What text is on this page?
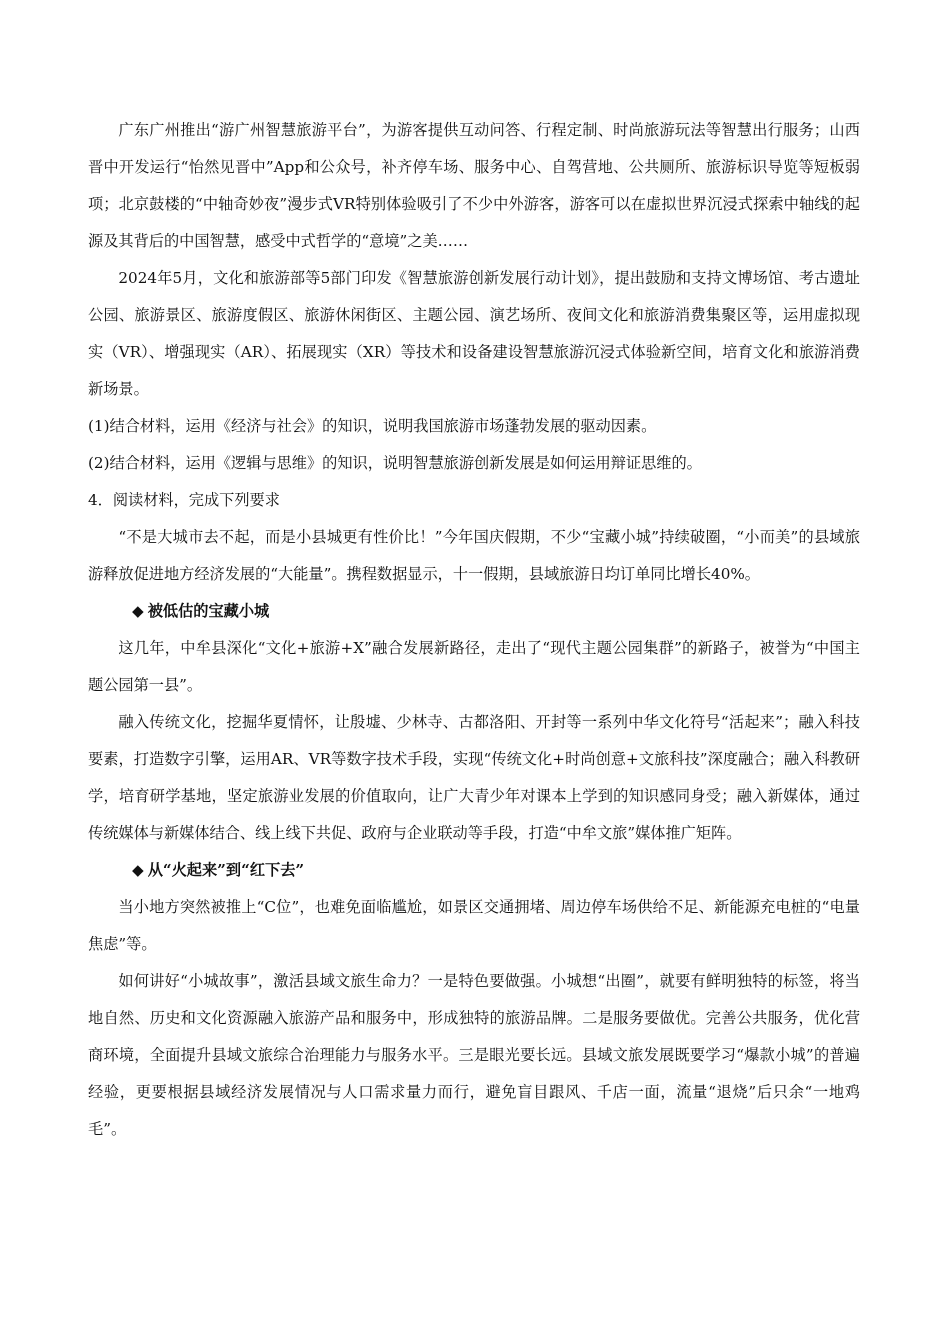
广东广州推出“游广州智慧旅游平台”，为游客提供互动问答、行程定制、时尚旅游玩法等智慧出行服务；山西晋中开发运行“怡然见晋中”App和公众号，补齐停车场、服务中心、自驾营地、公共厕所、旅游标识导览等短板弱项；北京鼓楼的“中轴奇妙夜”漫步式VR特别体验吸引了不少中外游客，游客可以在虚拟世界沉浸式探索中轴线的起源及其背后的中国智慧，感受中式哲学的“意境”之美……

2024年5月，文化和旅游部等5部门印发《智慧旅游创新发展行动计划》，提出鼓励和支持文博场馆、考古遗址公园、旅游景区、旅游度假区、旅游休闲街区、主题公园、演艺场所、夜间文化和旅游消费集聚区等，运用虚拟现实（VR）、增强现实（AR）、拓展现实（XR）等技术和设备建设智慧旅游沉浸式体验新空间，培育文化和旅游消费新场景。

(1)结合材料，运用《经济与社会》的知识，说明我国旅游市场蓬勃发展的驱动因素。

(2)结合材料，运用《逻辑与思维》的知识，说明智慧旅游创新发展是如何运用辩证思维的。

4．阅读材料，完成下列要求

“不是大城市去不起，而是小县城更有性价比！”今年国庆假期，不少“宝藏小城”持续破圈，“小而美”的县域旅游释放促进地方经济发展的“大能量”。携程数据显示，十一假期，县域旅游日均订单同比增长40%。

◆ 被低估的宝藏小城

这几年，中牟县深化“文化+旅游+X”融合发展新路径，走出了“现代主题公园集群”的新路子，被誉为“中国主题公园第一县”。

融入传统文化，挖掘华夏情怀，让殷墟、少林寺、古都洛阳、开封等一系列中华文化符号“活起来”；融入科技要素，打造数字引擎，运用AR、VR等数字技术手段，实现“传统文化+时尚创意+文旅科技”深度融合；融入科教研学，培育研学基地，坚定旅游业发展的价值取向，让广大青少年对课本上学到的知识感同身受；融入新媒体，通过传统媒体与新媒体结合、线上线下共促、政府与企业联动等手段，打造“中牟文旅”媒体推广矩阵。

◆ 从“火起来”到“红下去”

当小地方突然被推上“C位”，也难免面临尴尬，如景区交通拥堵、周边停车场供给不足、新能源充电桩的“电量焦虑”等。

如何讲好“小城故事”，激活县域文旅生命力？一是特色要做强。小城想“出圈”，就要有鲜明独特的标签，将当地自然、历史和文化资源融入旅游产品和服务中，形成独特的旅游品牌。二是服务要做优。完善公共服务，优化营商环境，全面提升县域文旅综合治理能力与服务水平。三是眼光要长远。县域文旅发展既要学习“爆款小城”的普遍经验，更要根据县域经济发展情况与人口需求量力而行，避免盲目跟风、千店一面，流量“退烧”后只余“一地鸡毛”。
